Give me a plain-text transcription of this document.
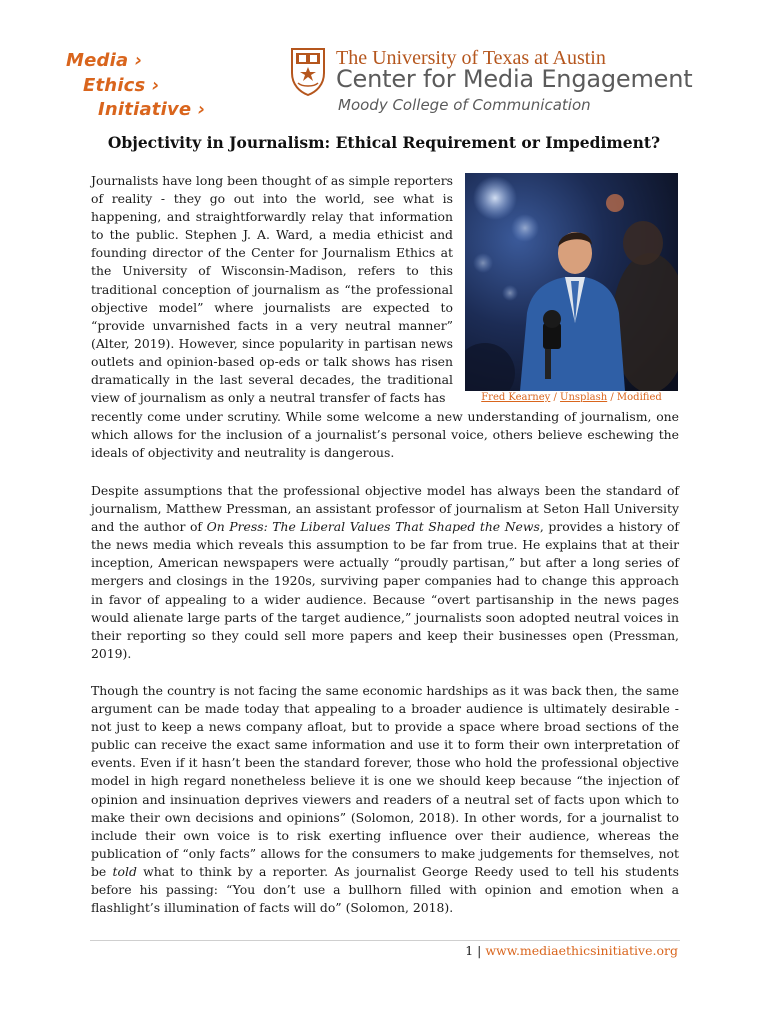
Media ›
Ethics ›
Initiative ›
The University of Texas at Austin
Center for Media Engagement
Moody College of Communication
Objectivity in Journalism: Ethical Requirement or Impediment?
Fred Kearney / Unsplash / Modified
Journalists have long been thought of as simple reporters of reality - they go out into the world, see what is happening, and straightforwardly relay that information to the public. Stephen J. A. Ward, a media ethicist and founding director of the Center for Journalism Ethics at the University of Wisconsin-Madison, refers to this traditional conception of journalism as “the professional objective model” where journalists are expected to “provide unvarnished facts in a very neutral manner” (Alter, 2019). However, since popularity in partisan news outlets and opinion-based op-eds or talk shows has risen dramatically in the last several decades, the traditional view of journalism as only a neutral transfer of facts has
recently come under scrutiny. While some welcome a new understanding of journalism, one which allows for the inclusion of a journalist’s personal voice, others believe eschewing the ideals of objectivity and neutrality is dangerous.
Despite assumptions that the professional objective model has always been the standard of journalism, Matthew Pressman, an assistant professor of journalism at Seton Hall University and the author of On Press: The Liberal Values That Shaped the News, provides a history of the news media which reveals this assumption to be far from true. He explains that at their inception, American newspapers were actually “proudly partisan,” but after a long series of mergers and closings in the 1920s, surviving paper companies had to change this approach in favor of appealing to a wider audience. Because “overt partisanship in the news pages would alienate large parts of the target audience,” journalists soon adopted neutral voices in their reporting so they could sell more papers and keep their businesses open (Pressman, 2019).
Though the country is not facing the same economic hardships as it was back then, the same argument can be made today that appealing to a broader audience is ultimately desirable - not just to keep a news company afloat, but to provide a space where broad sections of the public can receive the exact same information and use it to form their own interpretation of events. Even if it hasn’t been the standard forever, those who hold the professional objective model in high regard nonetheless believe it is one we should keep because “the injection of opinion and insinuation deprives viewers and readers of a neutral set of facts upon which to make their own decisions and opinions” (Solomon, 2018). In other words, for a journalist to include their own voice is to risk exerting influence over their audience, whereas the publication of “only facts” allows for the consumers to make judgements for themselves, not be told what to think by a reporter. As journalist George Reedy used to tell his students before his passing: “You don’t use a bullhorn filled with opinion and emotion when a flashlight’s illumination of facts will do” (Solomon, 2018).
1 | www.mediaethicsinitiative.org
